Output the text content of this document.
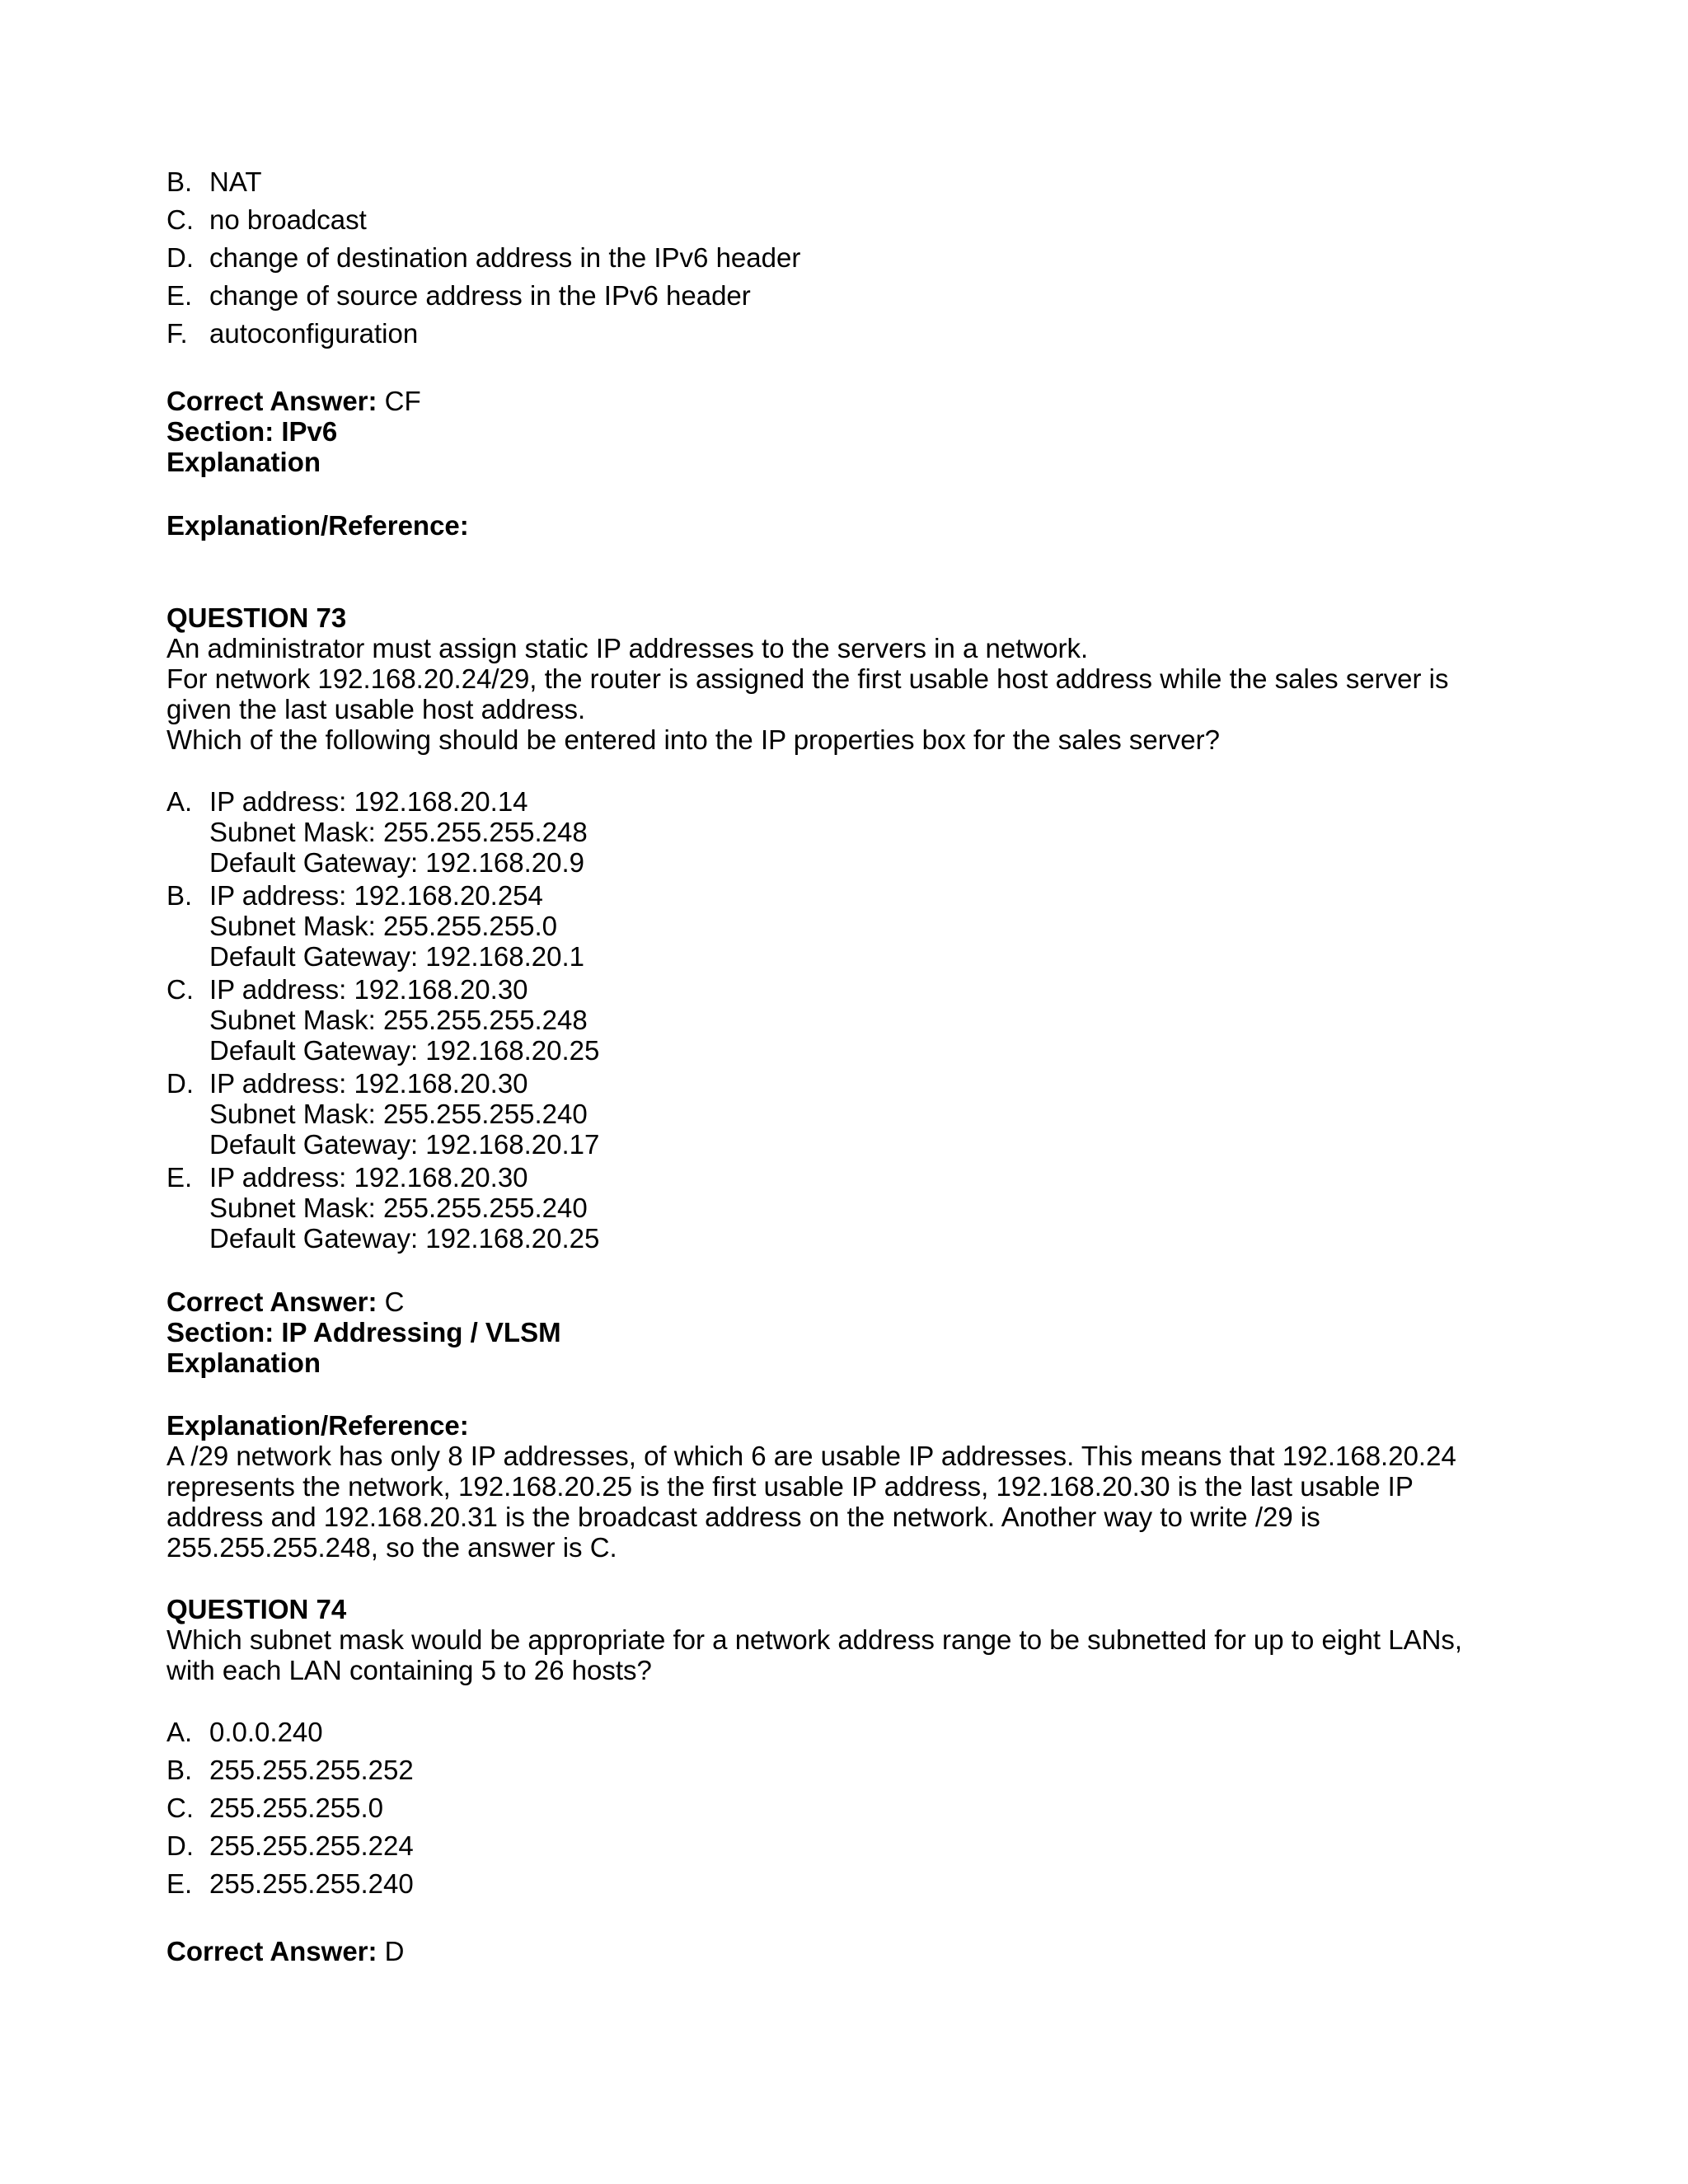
B. NAT
C. no broadcast
D. change of destination address in the IPv6 header
E. change of source address in the IPv6 header
F. autoconfiguration

Correct Answer: CF

Section: IPv6

Explanation

Explanation/Reference:

QUESTION 73

An administrator must assign static IP addresses to the servers in a network.

For network 192.168.20.24/29, the router is assigned the first usable host address while the sales server is given the last usable host address.

Which of the following should be entered into the IP properties box for the sales server?

A. IP address: 192.168.20.14
Subnet Mask: 255.255.255.248
Default Gateway: 192.168.20.9
B. IP address: 192.168.20.254
Subnet Mask: 255.255.255.0
Default Gateway: 192.168.20.1
C. IP address: 192.168.20.30
Subnet Mask: 255.255.255.248
Default Gateway: 192.168.20.25
D. IP address: 192.168.20.30
Subnet Mask: 255.255.255.240
Default Gateway: 192.168.20.17
E. IP address: 192.168.20.30
Subnet Mask: 255.255.255.240
Default Gateway: 192.168.20.25

Correct Answer: C

Section: IP Addressing / VLSM

Explanation

Explanation/Reference:

A /29 network has only 8 IP addresses, of which 6 are usable IP addresses. This means that 192.168.20.24 represents the network, 192.168.20.25 is the first usable IP address, 192.168.20.30 is the last usable IP address and 192.168.20.31 is the broadcast address on the network. Another way to write /29 is 255.255.255.248, so the answer is C.

QUESTION 74

Which subnet mask would be appropriate for a network address range to be subnetted for up to eight LANs, with each LAN containing 5 to 26 hosts?

A. 0.0.0.240
B. 255.255.255.252
C. 255.255.255.0
D. 255.255.255.224
E. 255.255.255.240

Correct Answer: D
